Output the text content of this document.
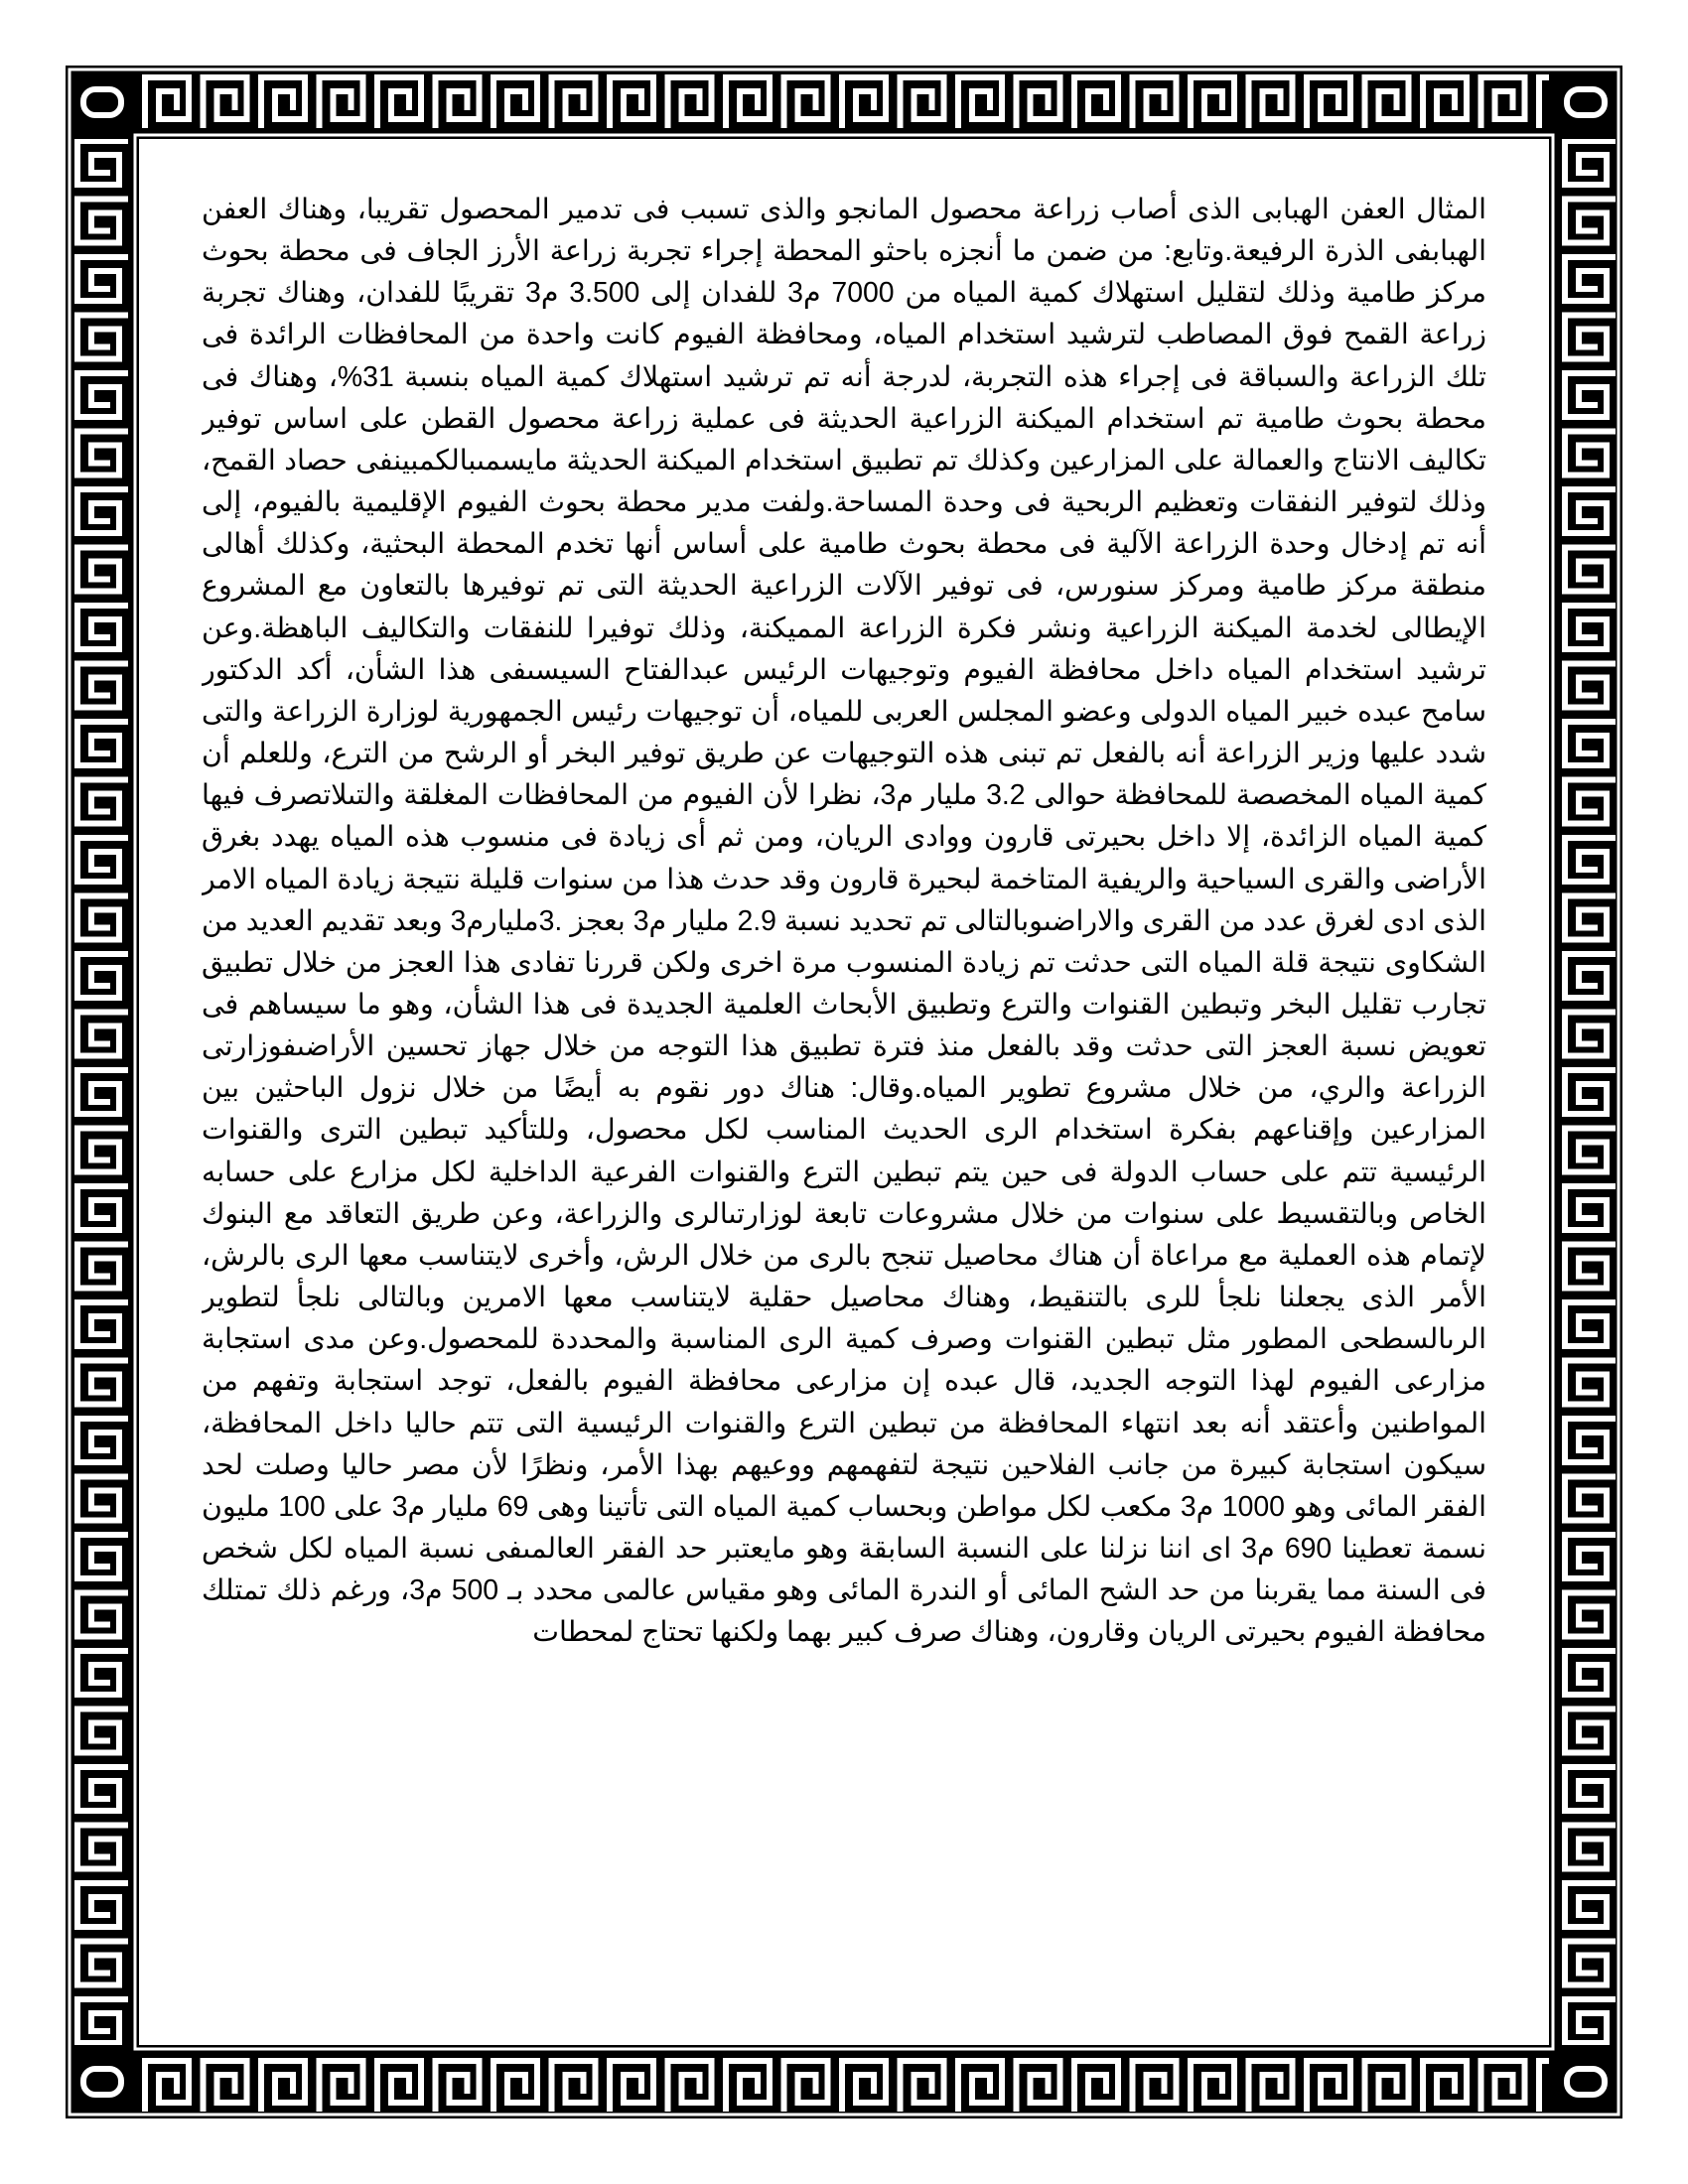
المثال العفن الهبابى الذى أصاب زراعة محصول المانجو والذى تسبب فى تدمير المحصول تقريبا، وهناك العفن الهبابفى الذرة الرفيعة.وتابع: من ضمن ما أنجزه باحثو المحطة إجراء تجربة زراعة الأرز الجاف فى محطة بحوث مركز طامية وذلك لتقليل استهلاك كمية المياه من 7000 م3 للفدان إلى 3.500 م3 تقريبًا للفدان، وهناك تجربة زراعة القمح فوق المصاطب لترشيد استخدام المياه، ومحافظة الفيوم كانت واحدة من المحافظات الرائدة فى تلك الزراعة والسباقة فى إجراء هذه التجربة، لدرجة أنه تم ترشيد استهلاك كمية المياه بنسبة 31%، وهناك فى محطة بحوث طامية تم استخدام الميكنة الزراعية الحديثة فى عملية زراعة محصول القطن على اساس توفير تكاليف الانتاج والعمالة على المزارعين وكذلك تم تطبيق استخدام الميكنة الحديثة مايسمىبالكمبينفى حصاد القمح، وذلك لتوفير النفقات وتعظيم الربحية فى وحدة المساحة.ولفت مدير محطة بحوث الفيوم الإقليمية بالفيوم، إلى أنه تم إدخال وحدة الزراعة الآلية فى محطة بحوث طامية على أساس أنها تخدم المحطة البحثية، وكذلك أهالى منطقة مركز طامية ومركز سنورس، فى توفير الآلات الزراعية الحديثة التى تم توفيرها بالتعاون مع المشروع الإيطالى لخدمة الميكنة الزراعية ونشر فكرة الزراعة المميكنة، وذلك توفيرا للنفقات والتكاليف الباهظة.وعن ترشيد استخدام المياه داخل محافظة الفيوم وتوجيهات الرئيس عبدالفتاح السيسىفى هذا الشأن، أكد الدكتور سامح عبده خبير المياه الدولى وعضو المجلس العربى للمياه، أن توجيهات رئيس الجمهورية لوزارة الزراعة والتى شدد عليها وزير الزراعة أنه بالفعل تم تبنى هذه التوجيهات عن طريق توفير البخر أو الرشح من الترع، وللعلم أن كمية المياه المخصصة للمحافظة حوالى 3.2 مليار م3، نظرا لأن الفيوم من المحافظات المغلقة والتىلاتصرف فيها كمية المياه الزائدة، إلا داخل بحيرتى قارون ووادى الريان، ومن ثم أى زيادة فى منسوب هذه المياه يهدد بغرق الأراضى والقرى السياحية والريفية المتاخمة لبحيرة قارون وقد حدث هذا من سنوات قليلة نتيجة زيادة المياه الامر الذى ادى لغرق عدد من القرى والاراضىوبالتالى تم تحديد نسبة 2.9 مليار م3 بعجز .3مليارم3 وبعد تقديم العديد من الشكاوى نتيجة قلة المياه التى حدثت تم زيادة المنسوب مرة اخرى ولكن قررنا تفادى هذا العجز من خلال تطبيق تجارب تقليل البخر وتبطين القنوات والترع وتطبيق الأبحاث العلمية الجديدة فى هذا الشأن، وهو ما سيساهم فى تعويض نسبة العجز التى حدثت وقد بالفعل منذ فترة تطبيق هذا التوجه من خلال جهاز تحسين الأراضىفوزارتى الزراعة والري، من خلال مشروع تطوير المياه.وقال: هناك دور نقوم به أيضًا من خلال نزول الباحثين بين المزارعين وإقناعهم بفكرة استخدام الرى الحديث المناسب لكل محصول، وللتأكيد تبطين الترى والقنوات الرئيسية تتم على حساب الدولة فى حين يتم تبطين الترع والقنوات الفرعية الداخلية لكل مزارع على حسابه الخاص وبالتقسيط على سنوات من خلال مشروعات تابعة لوزارتىالرى والزراعة، وعن طريق التعاقد مع البنوك لإتمام هذه العملية مع مراعاة أن هناك محاصيل تنجح بالرى من خلال الرش، وأخرى لايتناسب معها الرى بالرش، الأمر الذى يجعلنا نلجأ للرى بالتنقيط، وهناك محاصيل حقلية لايتناسب معها الامرين وبالتالى نلجأ لتطوير الرىالسطحى المطور مثل تبطين القنوات وصرف كمية الرى المناسبة والمحددة للمحصول.وعن مدى استجابة مزارعى الفيوم لهذا التوجه الجديد، قال عبده إن مزارعى محافظة الفيوم بالفعل، توجد استجابة وتفهم من المواطنين وأعتقد أنه بعد انتهاء المحافظة من تبطين الترع والقنوات الرئيسية التى تتم حاليا داخل المحافظة، سيكون استجابة كبيرة من جانب الفلاحين نتيجة لتفهمهم ووعيهم بهذا الأمر، ونظرًا لأن مصر حاليا وصلت لحد الفقر المائى وهو 1000 م3 مكعب لكل مواطن وبحساب كمية المياه التى تأتينا وهى 69 مليار م3 على 100 مليون نسمة تعطينا 690 م3 اى اننا نزلنا على النسبة السابقة وهو مايعتبر حد الفقر العالمىفى نسبة المياه لكل شخص فى السنة مما يقربنا من حد الشح المائى أو الندرة المائى وهو مقياس عالمى محدد بـ 500 م3، ورغم ذلك تمتلك محافظة الفيوم بحيرتى الريان وقارون، وهناك صرف كبير بهما ولكنها تحتاج لمحطات
